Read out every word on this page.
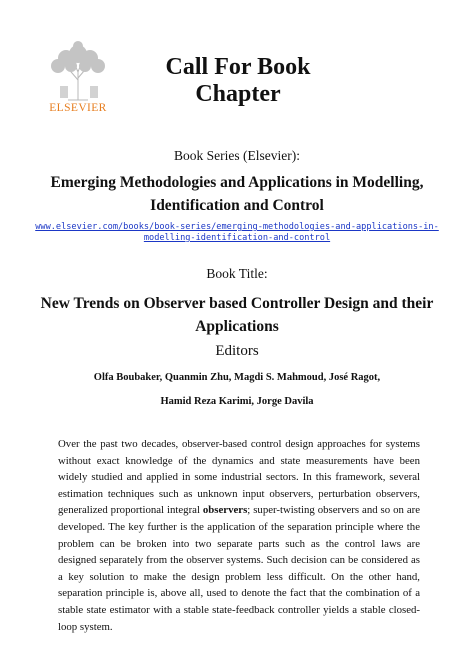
ELSEVIER
Call For Book Chapter
Book Series (Elsevier):
Emerging Methodologies and Applications in Modelling,
Identification and Control
www.elsevier.com/books/book-series/emerging-methodologies-and-applications-in-
modelling-identification-and-control
Book Title:
New Trends on Observer based Controller Design and their
Applications
Editors
Olfa Boubaker, Quanmin Zhu, Magdi S. Mahmoud, José Ragot,
Hamid Reza Karimi, Jorge Davila

Over the past two decades, observer-based control design approaches for systems without exact knowledge of the dynamics and state measurements have been widely studied and applied in some industrial sectors. In this framework, several estimation techniques such as unknown input observers, perturbation observers, generalized proportional integral observers; super-twisting observers and so on are developed. The key further is the application of the separation principle where the problem can be broken into two separate parts such as the control laws are designed separately from the observer systems. Such decision can be considered as a key solution to make the design problem less difficult. On the other hand, separation principle is, above all, used to denote the fact that the combination of a stable state estimator with a stable state-feedback controller yields a stable closed-loop system.
